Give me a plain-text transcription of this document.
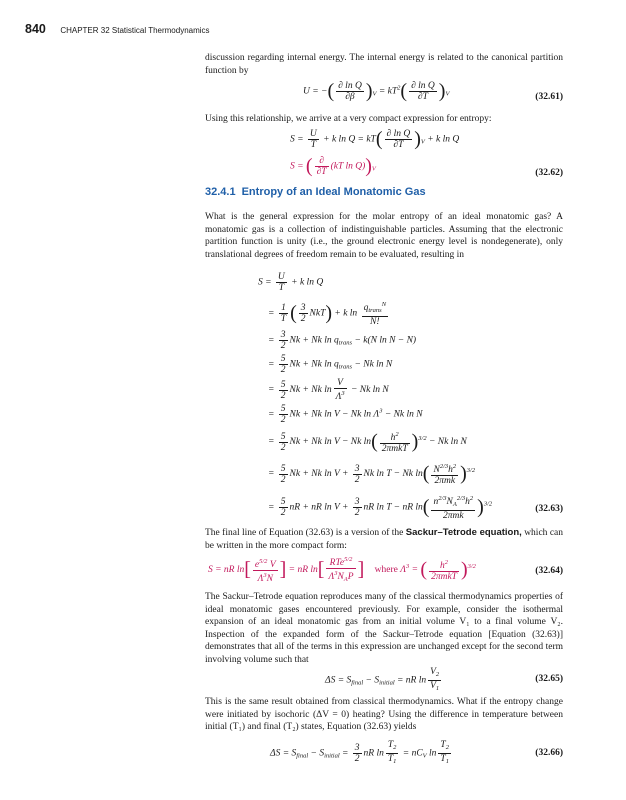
840 CHAPTER 32 Statistical Thermodynamics
discussion regarding internal energy. The internal energy is related to the canonical partition function by
U = −( $\frac{\text{∂ ln Q}}{\partial\beta} )_V = kT^2( \frac{\text{∂ ln Q}}{\partial T} )_V$	(32.61)
Using this relationship, we arrive at a very compact expression for entropy:
$S = \frac{U}{T} + k$ $\ln Q = kT( \frac{\text{∂ ln Q}}{\partial T} )_V + k$ ln Q
S = ( $\frac{\partial}{\partial T} (kT$ $\ln Q))_V$	(32.62)
32.4.1 Entropy of an Ideal Monatomic Gas
What is the general expression for the molar entropy of an ideal monatomic gas? A monatomic gas is a collection of indistinguishable particles. Assuming that the electronic partition function is unity (i.e., the ground electronic energy level is nondegenerate), only translational degrees of freedom remain to be evaluated, resulting in
$S = \frac{U}{T} + k$ ln Q
= $\frac{1}{T}$ ( $\frac{3}{2} NkT) + k$ $\ln \frac{q_{trans}^N}{N!}$
= $\frac{3}{2}$ Nk + Nk $\ln q_{trans} - k(N$ ln N − N)
= $\frac{5}{2}$ Nk + Nk $\ln q_{trans} - Nk$ ln N
= $\frac{5}{2}$ Nk + Nk $\ln \frac{V}{\Lambda^3} - Nk$ ln N
= $\frac{5}{2}$ Nk + Nk ln V − Nk $\ln \Lambda^3 - Nk$ ln N
= $\frac{5}{2}$ Nk + Nk ln V − Nk $\ln( \frac{h^2}{\text{2πmkT}} )^{3/2} - Nk$ ln N
= $\frac{5}{2}$ Nk + Nk $\ln V + \frac{3}{2}$ Nk ln T − Nk $\ln( \frac{N^{2/3}h^2}{\text{2πmk}} )^{3/2}$
= $\frac{5}{2}$ nR + nR $\ln V + \frac{3}{2}$ nR ln T − nR $\ln( \frac{n^{2/3}N_A^{2/3}h^2}{\text{2πmk}} )^{3/2}$	(32.63)
The final line of Equation (32.63) is a version of the Sackur–Tetrode equation, which can be written in the more compact form:
S = nR $\ln[ \frac{e^{5/2} V}{\Lambda^3N}$ ] = nR $\ln[ \frac{RTe^{5/2}}{\Lambda^3N_AP}$ ] where $\Lambda^3$ = ( $\frac{h^2}{\text{2πmkT}} )^{3/2}$	(32.64)
The Sackur–Tetrode equation reproduces many of the classical thermodynamics properties of ideal monatomic gases encountered previously. For example, consider the isothermal expansion of an ideal monatomic gas from an initial volume V₁ to a final volume V₂. Inspection of the expanded form of the Sackur–Tetrode equation [Equation (32.63)] demonstrates that all of the terms in this expression are unchanged except for the second term involving volume such that
$\Delta S = S_{final} - S_{initial}$ = nR $\ln \frac{V_2}{V_1}$	(32.65)
This is the same result obtained from classical thermodynamics. What if the entropy change were initiated by isochoric (ΔV = 0) heating? Using the difference in temperature between initial (T₁) and final (T₂) states, Equation (32.63) yields
$\Delta S = S_{final} - S_{initial} = \frac{3}{2}$ nR $\ln \frac{T_2}{T_1} = nC_V$ $\ln \frac{T_2}{T_1}$	(32.66)
